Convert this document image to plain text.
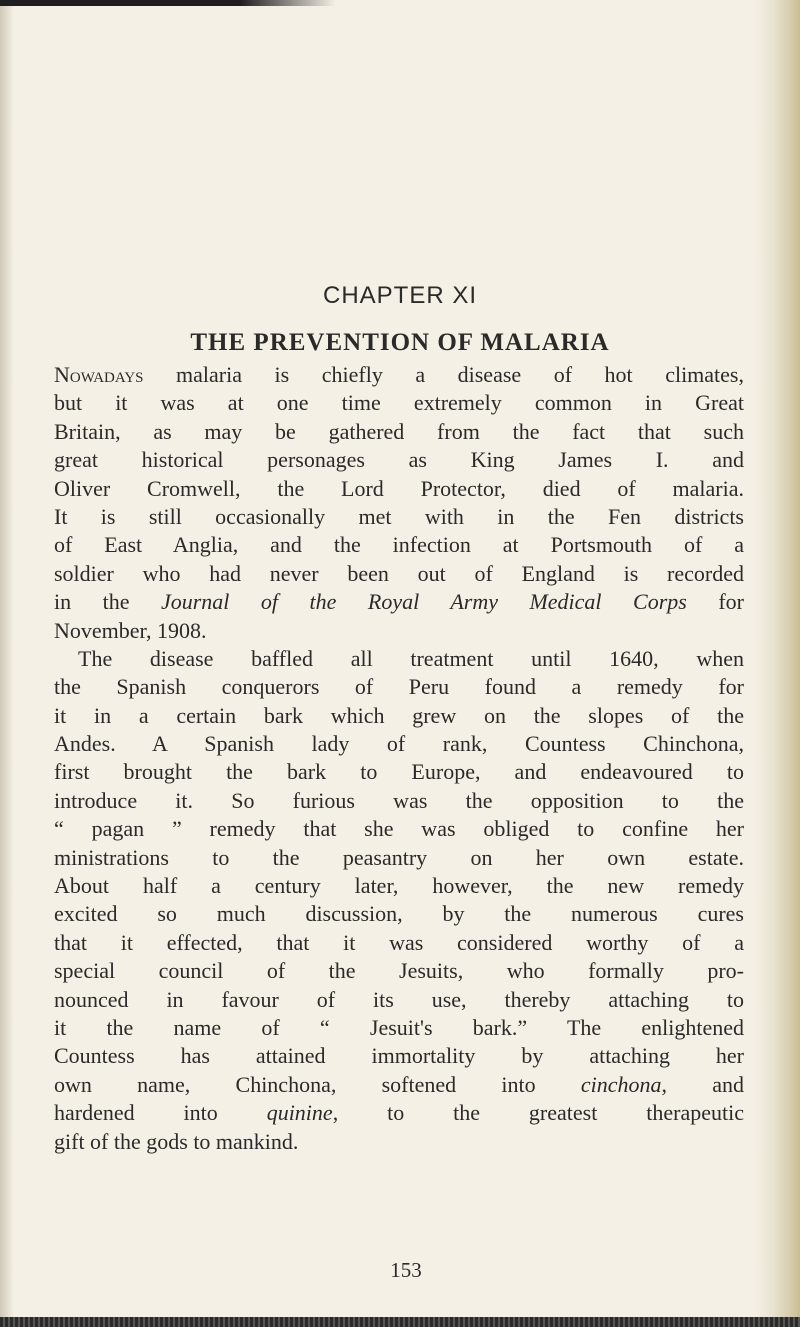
CHAPTER XI
THE PREVENTION OF MALARIA
Nowadays malaria is chiefly a disease of hot climates,
but it was at one time extremely common in Great
Britain, as may be gathered from the fact that such
great historical personages as King James I. and
Oliver Cromwell, the Lord Protector, died of malaria.
It is still occasionally met with in the Fen districts
of East Anglia, and the infection at Portsmouth of a
soldier who had never been out of England is recorded
in the Journal of the Royal Army Medical Corps for
November, 1908.
The disease baffled all treatment until 1640, when
the Spanish conquerors of Peru found a remedy for
it in a certain bark which grew on the slopes of the
Andes. A Spanish lady of rank, Countess Chinchona,
first brought the bark to Europe, and endeavoured to
introduce it. So furious was the opposition to the
“ pagan ” remedy that she was obliged to confine her
ministrations to the peasantry on her own estate.
About half a century later, however, the new remedy
excited so much discussion, by the numerous cures
that it effected, that it was considered worthy of a
special council of the Jesuits, who formally pro-
nounced in favour of its use, thereby attaching to
it the name of “ Jesuit's bark.” The enlightened
Countess has attained immortality by attaching her
own name, Chinchona, softened into cinchona, and
hardened into quinine, to the greatest therapeutic
gift of the gods to mankind.
153
